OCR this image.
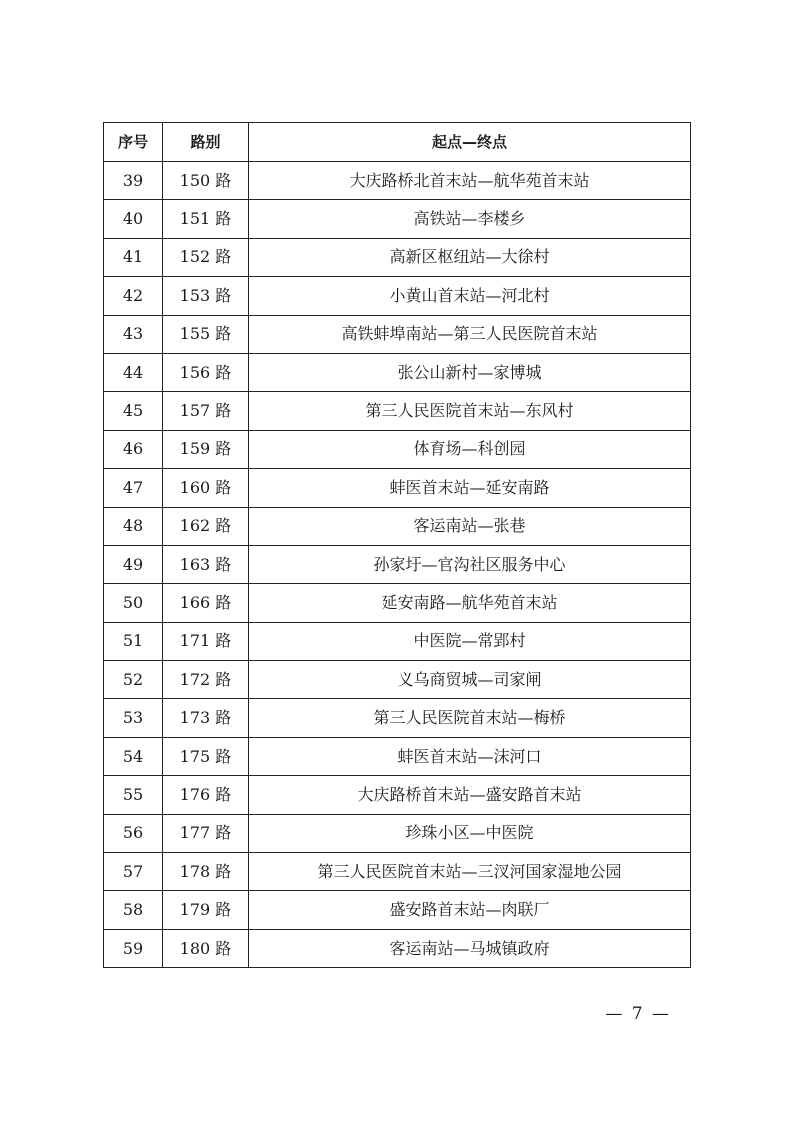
序号	路别	起点—终点
39	150 路	大庆路桥北首末站—航华苑首末站
40	151 路	高铁站—李楼乡
41	152 路	高新区枢纽站—大徐村
42	153 路	小黄山首末站—河北村
43	155 路	高铁蚌埠南站—第三人民医院首末站
44	156 路	张公山新村—家博城
45	157 路	第三人民医院首末站—东风村
46	159 路	体育场—科创园
47	160 路	蚌医首末站—延安南路
48	162 路	客运南站—张巷
49	163 路	孙家圩—官沟社区服务中心
50	166 路	延安南路—航华苑首末站
51	171 路	中医院—常郢村
52	172 路	义乌商贸城—司家闸
53	173 路	第三人民医院首末站—梅桥
54	175 路	蚌医首末站—沫河口
55	176 路	大庆路桥首末站—盛安路首末站
56	177 路	珍珠小区—中医院
57	178 路	第三人民医院首末站—三汊河国家湿地公园
58	179 路	盛安路首末站—肉联厂
59	180 路	客运南站—马城镇政府
— 7 —
